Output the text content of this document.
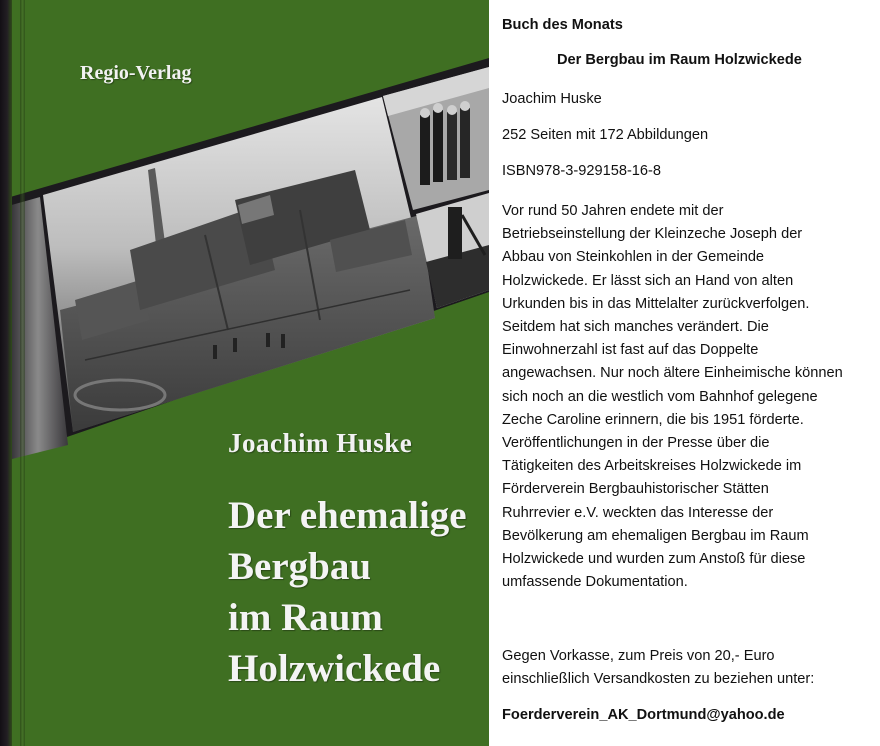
Regio-Verlag
Joachim Huske
Der ehemalige
Bergbau
im Raum
Holzwickede
Buch des Monats
Der Bergbau im Raum Holzwickede
Joachim Huske
252 Seiten mit 172 Abbildungen
ISBN978-3-929158-16-8
Vor rund 50 Jahren endete mit der
Betriebseinstellung der Kleinzeche Joseph der
Abbau von Steinkohlen in der Gemeinde
Holzwickede. Er lässt sich an Hand von alten
Urkunden bis in das Mittelalter zurückverfolgen.
Seitdem hat sich manches verändert. Die
Einwohnerzahl ist fast auf das Doppelte
angewachsen. Nur noch ältere Einheimische können
sich noch an die westlich vom Bahnhof gelegene
Zeche Caroline erinnern, die bis 1951 förderte.
Veröffentlichungen in der Presse über die
Tätigkeiten des Arbeitskreises Holzwickede im
Förderverein Bergbauhistorischer Stätten
Ruhrrevier e.V. weckten das Interesse der
Bevölkerung am ehemaligen Bergbau im Raum
Holzwickede und wurden zum Anstoß für diese
umfassende Dokumentation.
Gegen Vorkasse, zum Preis von 20,- Euro
einschließlich Versandkosten zu beziehen unter:
Foerderverein_AK_Dortmund@yahoo.de
